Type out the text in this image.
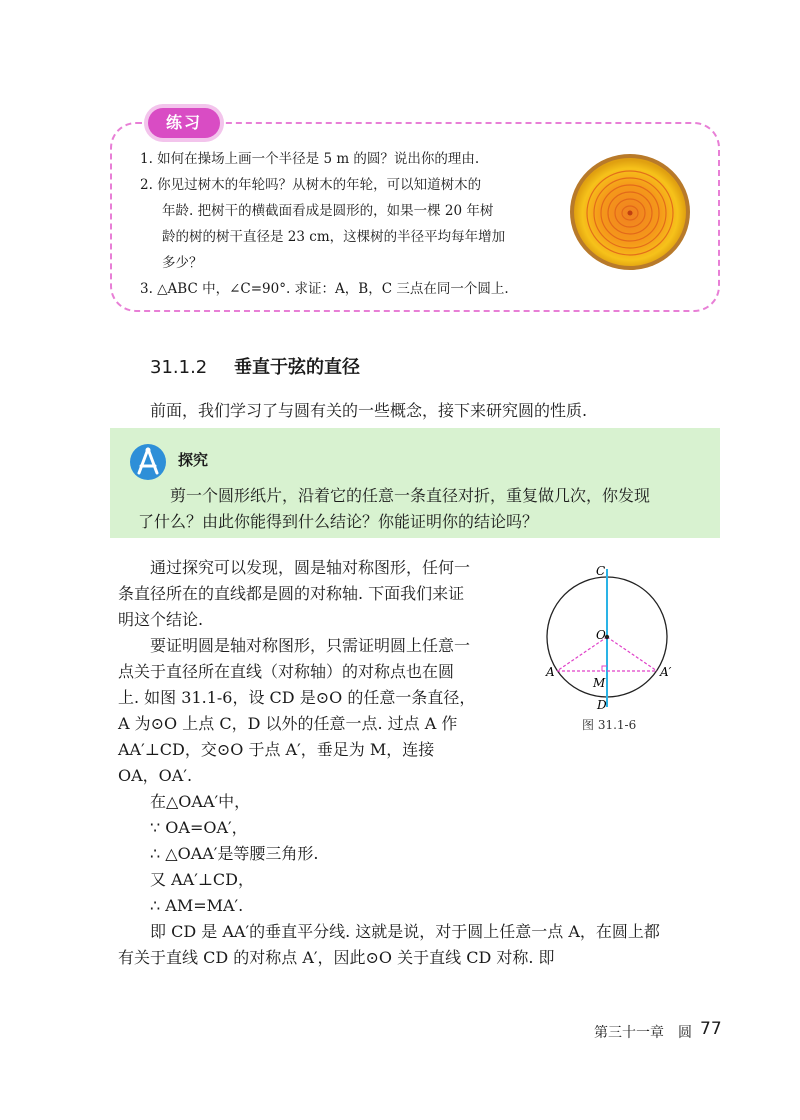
练习
1. 如何在操场上画一个半径是 5 m 的圆？说出你的理由.
2. 你见过树木的年轮吗？从树木的年轮，可以知道树木的
年龄. 把树干的横截面看成是圆形的，如果一棵 20 年树
龄的树的树干直径是 23 cm，这棵树的半径平均每年增加
多少？
3. △ABC 中，∠C=90°. 求证：A，B，C 三点在同一个圆上.
31.1.2 垂直于弦的直径
前面，我们学习了与圆有关的一些概念，接下来研究圆的性质.
探究
剪一个圆形纸片，沿着它的任意一条直径对折，重复做几次，你发现
了什么？由此你能得到什么结论？你能证明你的结论吗？
通过探究可以发现，圆是轴对称图形，任何一
条直径所在的直线都是圆的对称轴. 下面我们来证
明这个结论.
要证明圆是轴对称图形，只需证明圆上任意一
点关于直径所在直线（对称轴）的对称点也在圆
上. 如图 31.1-6，设 CD 是⊙O 的任意一条直径，
A 为⊙O 上点 C，D 以外的任意一点. 过点 A 作
AA′⊥CD，交⊙O 于点 A′，垂足为 M，连接
OA，OA′.
在△OAA′中，
∵ OA=OA′，
∴ △OAA′是等腰三角形.
又 AA′⊥CD，
∴ AM=MA′.
即 CD 是 AA′的垂直平分线. 这就是说，对于圆上任意一点 A，在圆上都
有关于直线 CD 的对称点 A′，因此⊙O 关于直线 CD 对称. 即
C
O
A
M
A′
D
图 31.1-6
第三十一章　圆 77
